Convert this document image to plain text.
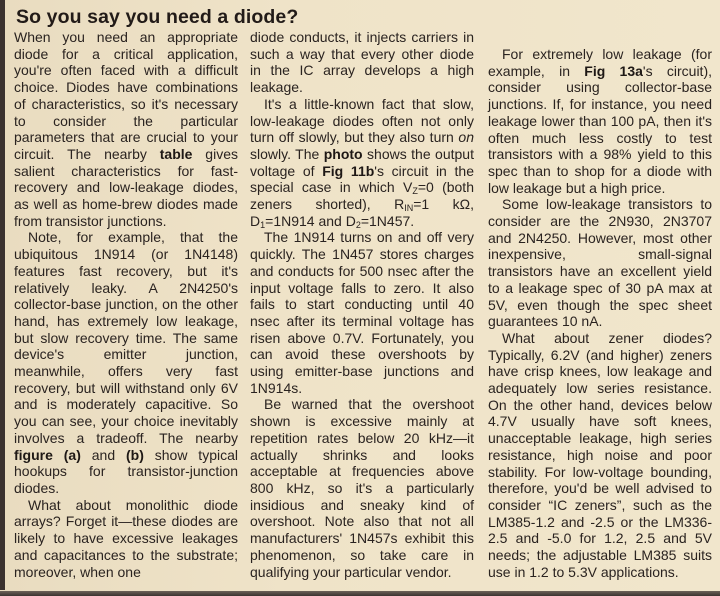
So you say you need a diode?

When you need an appropriate diode for a critical application, you're often faced with a difficult choice. Diodes have combinations of characteristics, so it's necessary to consider the particular parameters that are crucial to your circuit. The nearby table gives salient characteristics for fast-recovery and low-leakage diodes, as well as home-brew diodes made from transistor junctions.

Note, for example, that the ubiquitous 1N914 (or 1N4148) features fast recovery, but it's relatively leaky. A 2N4250's collector-base junction, on the other hand, has extremely low leakage, but slow recovery time. The same device's emitter junction, meanwhile, offers very fast recovery, but will withstand only 6V and is moderately capacitive. So you can see, your choice inevitably involves a tradeoff. The nearby figure (a) and (b) show typical hookups for transistor-junction diodes.

What about monolithic diode arrays? Forget it—these diodes are likely to have excessive leakages and capacitances to the substrate; moreover, when one

diode conducts, it injects carriers in such a way that every other diode in the IC array develops a high leakage.

It's a little-known fact that slow, low-leakage diodes often not only turn off slowly, but they also turn on slowly. The photo shows the output voltage of Fig 11b's circuit in the special case in which $V_Z=0$ (both zeners shorted), $R_{IN}=1$ kΩ, $D_1=1N914$ and $D_2=1N457$.

The 1N914 turns on and off very quickly. The 1N457 stores charges and conducts for 500 nsec after the input voltage falls to zero. It also fails to start conducting until 40 nsec after its terminal voltage has risen above 0.7V. Fortunately, you can avoid these overshoots by using emitter-base junctions and 1N914s.

Be warned that the overshoot shown is excessive mainly at repetition rates below 20 kHz—it actually shrinks and looks acceptable at frequencies above 800 kHz, so it's a particularly insidious and sneaky kind of overshoot. Note also that not all manufacturers' 1N457s exhibit this phenomenon, so take care in qualifying your particular vendor.

For extremely low leakage (for example, in Fig 13a's circuit), consider using collector-base junctions. If, for instance, you need leakage lower than 100 pA, then it's often much less costly to test transistors with a 98% yield to this spec than to shop for a diode with low leakage but a high price.

Some low-leakage transistors to consider are the 2N930, 2N3707 and 2N4250. However, most other inexpensive, small-signal transistors have an excellent yield to a leakage spec of 30 pA max at 5V, even though the spec sheet guarantees 10 nA.

What about zener diodes? Typically, 6.2V (and higher) zeners have crisp knees, low leakage and adequately low series resistance. On the other hand, devices below 4.7V usually have soft knees, unacceptable leakage, high series resistance, high noise and poor stability. For low-voltage bounding, therefore, you'd be well advised to consider “IC zeners”, such as the LM385-1.2 and -2.5 or the LM336-2.5 and -5.0 for 1.2, 2.5 and 5V needs; the adjustable LM385 suits use in 1.2 to 5.3V applications.
